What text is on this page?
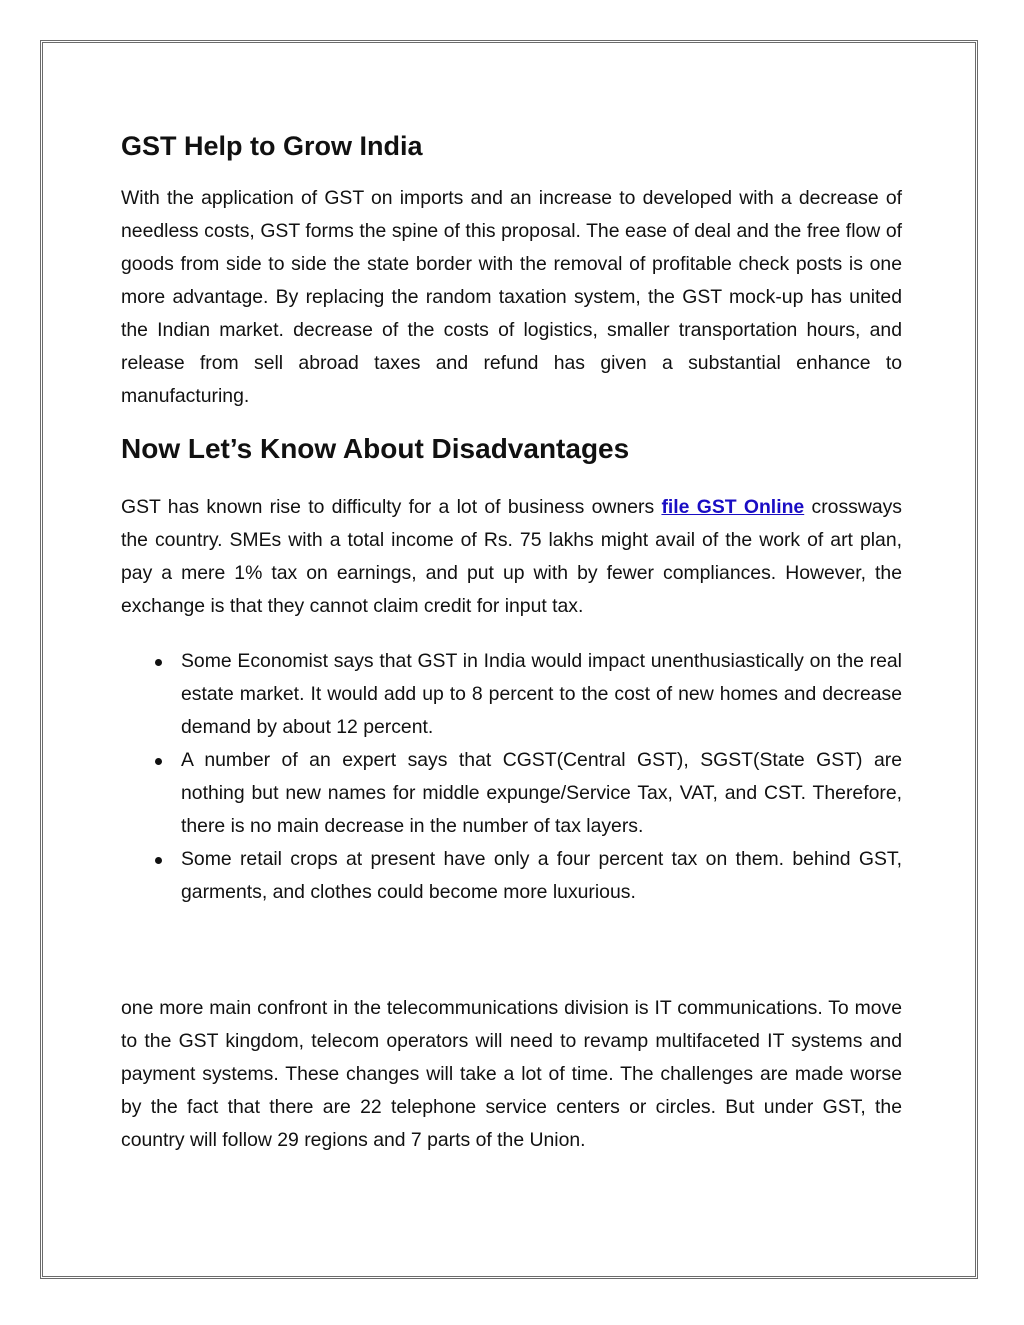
GST Help to Grow India

With the application of GST on imports and an increase to developed with a decrease of needless costs, GST forms the spine of this proposal. The ease of deal and the free flow of goods from side to side the state border with the removal of profitable check posts is one more advantage. By replacing the random taxation system, the GST mock-up has united the Indian market. decrease of the costs of logistics, smaller transportation hours, and release from sell abroad taxes and refund has given a substantial enhance to manufacturing.

Now Let’s Know About Disadvantages

GST has known rise to difficulty for a lot of business owners file GST Online crossways the country. SMEs with a total income of Rs. 75 lakhs might avail of the work of art plan, pay a mere 1% tax on earnings, and put up with by fewer compliances. However, the exchange is that they cannot claim credit for input tax.

Some Economist says that GST in India would impact unenthusiastically on the real estate market. It would add up to 8 percent to the cost of new homes and decrease demand by about 12 percent.
A number of an expert says that CGST(Central GST), SGST(State GST) are nothing but new names for middle expunge/Service Tax, VAT, and CST. Therefore, there is no main decrease in the number of tax layers.
Some retail crops at present have only a four percent tax on them. behind GST, garments, and clothes could become more luxurious.

one more main confront in the telecommunications division is IT communications. To move to the GST kingdom, telecom operators will need to revamp multifaceted IT systems and payment systems. These changes will take a lot of time. The challenges are made worse by the fact that there are 22 telephone service centers or circles. But under GST, the country will follow 29 regions and 7 parts of the Union.
